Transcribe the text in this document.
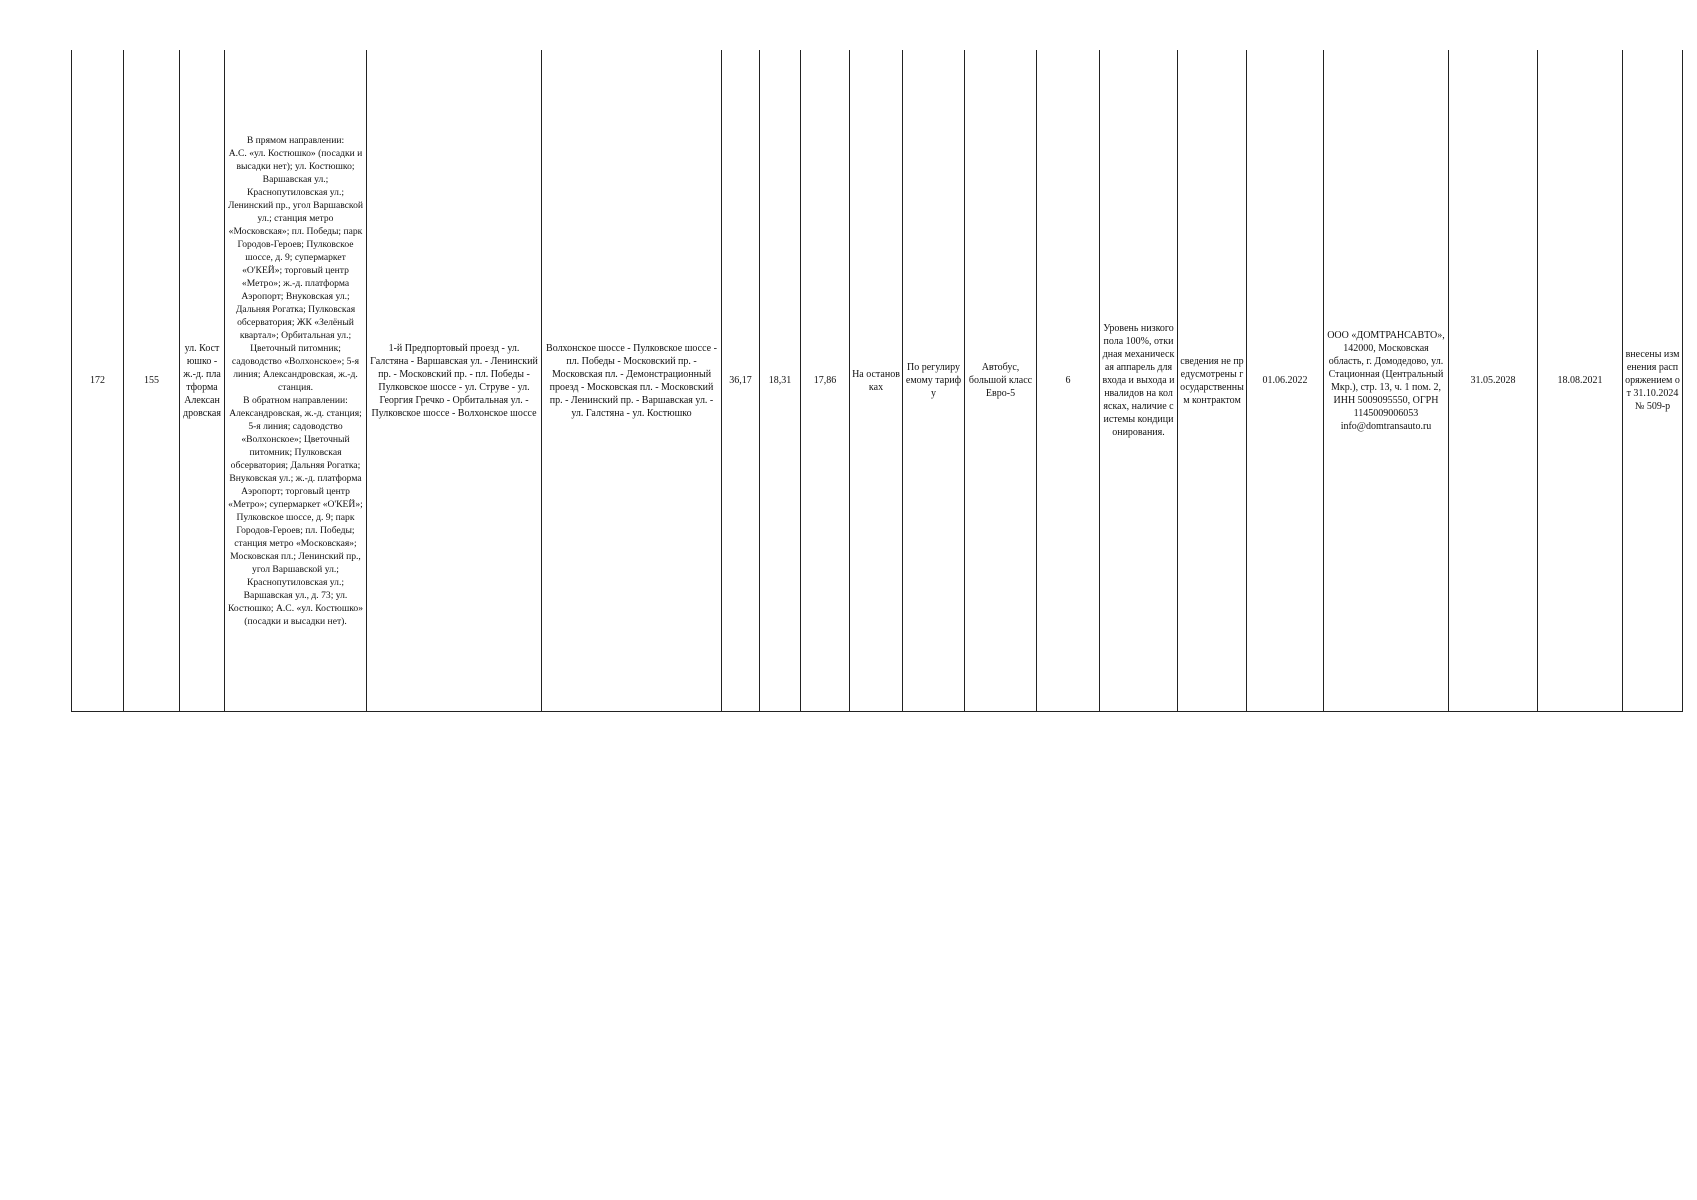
172	155	ул. Костюшко - ж.-д. платформа Александровская	В прямом направлении:
А.С. «ул. Костюшко» (посадки и высадки нет); ул. Костюшко; Варшавская ул.; Краснопутиловская ул.; Ленинский пр., угол Варшавской ул.; станция метро «Московская»; пл. Победы; парк Городов-Героев; Пулковское шоссе, д. 9; супермаркет «О'КЕЙ»; торговый центр «Метро»; ж.-д. платформа Аэропорт; Внуковская ул.; Дальняя Рогатка; Пулковская обсерватория; ЖК «Зелёный квартал»; Орбитальная ул.; Цветочный питомник; садоводство «Волхонское»; 5-я линия; Александровская, ж.-д. станция.
В обратном направлении:
Александровская, ж.-д. станция; 5-я линия; садоводство «Волхонское»; Цветочный питомник; Пулковская обсерватория; Дальняя Рогатка; Внуковская ул.; ж.-д. платформа Аэропорт; торговый центр «Метро»; супермаркет «О'КЕЙ»; Пулковское шоссе, д. 9; парк Городов-Героев; пл. Победы; станция метро «Московская»; Московская пл.; Ленинский пр., угол Варшавской ул.; Краснопутиловская ул.; Варшавская ул., д. 73; ул. Костюшко; А.С. «ул. Костюшко» (посадки и высадки нет).	1-й Предпортовый проезд - ул. Галстяна - Варшавская ул. - Ленинский пр. - Московский пр. - пл. Победы - Пулковское шоссе - ул. Струве - ул. Георгия Гречко - Орбитальная ул. - Пулковское шоссе - Волхонское шоссе	Волхонское шоссе - Пулковское шоссе - пл. Победы - Московский пр. - Московская пл. - Демонстрационный проезд - Московская пл. - Московский пр. - Ленинский пр. - Варшавская ул. - ул. Галстяна - ул. Костюшко	36,17	18,31	17,86	На остановках	По регулируемому тарифу	Автобус, большой класс Евро-5	6	Уровень низкого пола 100%, откидная механическая аппарель для входа и выхода инвалидов на колясках, наличие системы кондиционирования.	сведения не предусмотрены государственным контрактом	01.06.2022	ООО «ДОМТРАНСАВТО», 142000, Московская область, г. Домодедово, ул. Стационная (Центральный Мкр.), стр. 13, ч. 1 пом. 2, ИНН 5009095550, ОГРН 1145009006053 info@domtransauto.ru	31.05.2028	18.08.2021	внесены изменения распоряжением от 31.10.2024 № 509-р
